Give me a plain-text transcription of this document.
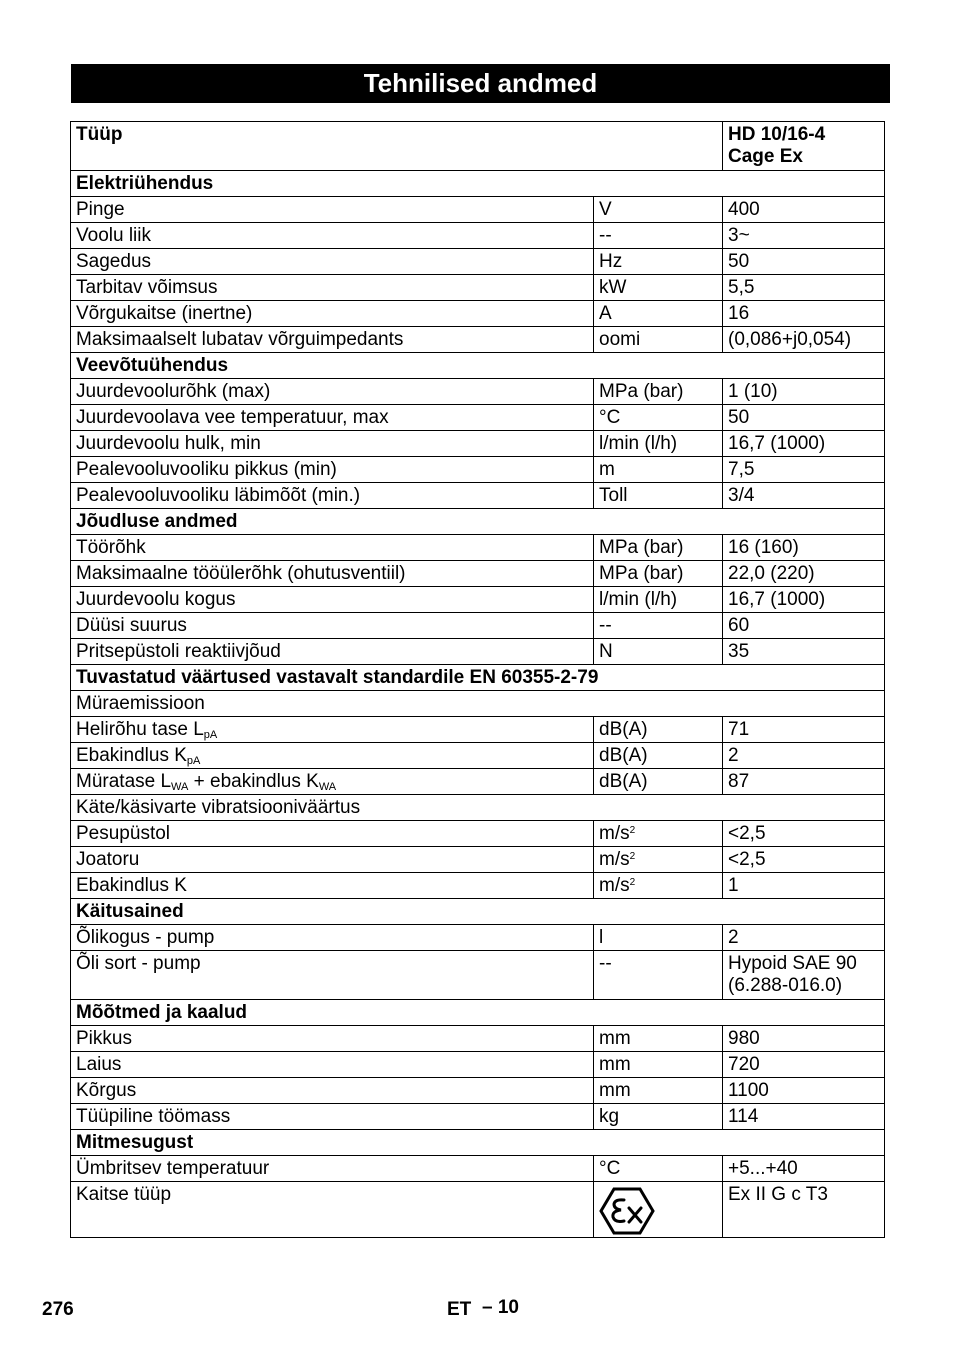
Tehnilised andmed
Tüüp		HD 10/16-4
Cage Ex
Elektriühendus		
Pinge	V	400
Voolu liik	--	3~
Sagedus	Hz	50
Tarbitav võimsus	kW	5,5
Võrgukaitse (inertne)	A	16
Maksimaalselt lubatav võrguimpedants	oomi	(0,086+j0,054)
Veevõtuühendus		
Juurdevoolurõhk (max)	MPa (bar)	1 (10)
Juurdevoolava vee temperatuur, max	°C	50
Juurdevoolu hulk, min	l/min (l/h)	16,7 (1000)
Pealevooluvooliku pikkus (min)	m	7,5
Pealevooluvooliku läbimõõt (min.)	Toll	3/4
Jõudluse andmed		
Töörõhk	MPa (bar)	16 (160)
Maksimaalne tööülerõhk (ohutusventiil)	MPa (bar)	22,0 (220)
Juurdevoolu kogus	l/min (l/h)	16,7 (1000)
Düüsi suurus	--	60
Pritsepüstoli reaktiivjõud	N	35
Tuvastatud väärtused vastavalt standardile EN 60355-2-79		
Müraemissioon		
Helirõhu tase $L_{pA}$	dB(A)	71
Ebakindlus $K_{pA}$	dB(A)	2
Müratase $L_{WA}$ + ebakindlus $K_{WA}$	dB(A)	87
Käte/käsivarte vibratsiooniväärtus		
Pesupüstol	$m/s^2$	<2,5
Joatoru	$m/s^2$	<2,5
Ebakindlus K	$m/s^2$	1
Käitusained		
Õlikogus - pump	l	2
Õli sort - pump	--	Hypoid SAE 90
(6.288-016.0)
Mõõtmed ja kaalud		
Pikkus	mm	980
Laius	mm	720
Kõrgus	mm	1100
Tüüpiline töömass	kg	114
Mitmesugust		
Ümbritsev temperatuur	°C	+5...+40
Kaitse tüüp		Ex II G c T3
276	ET – 10
